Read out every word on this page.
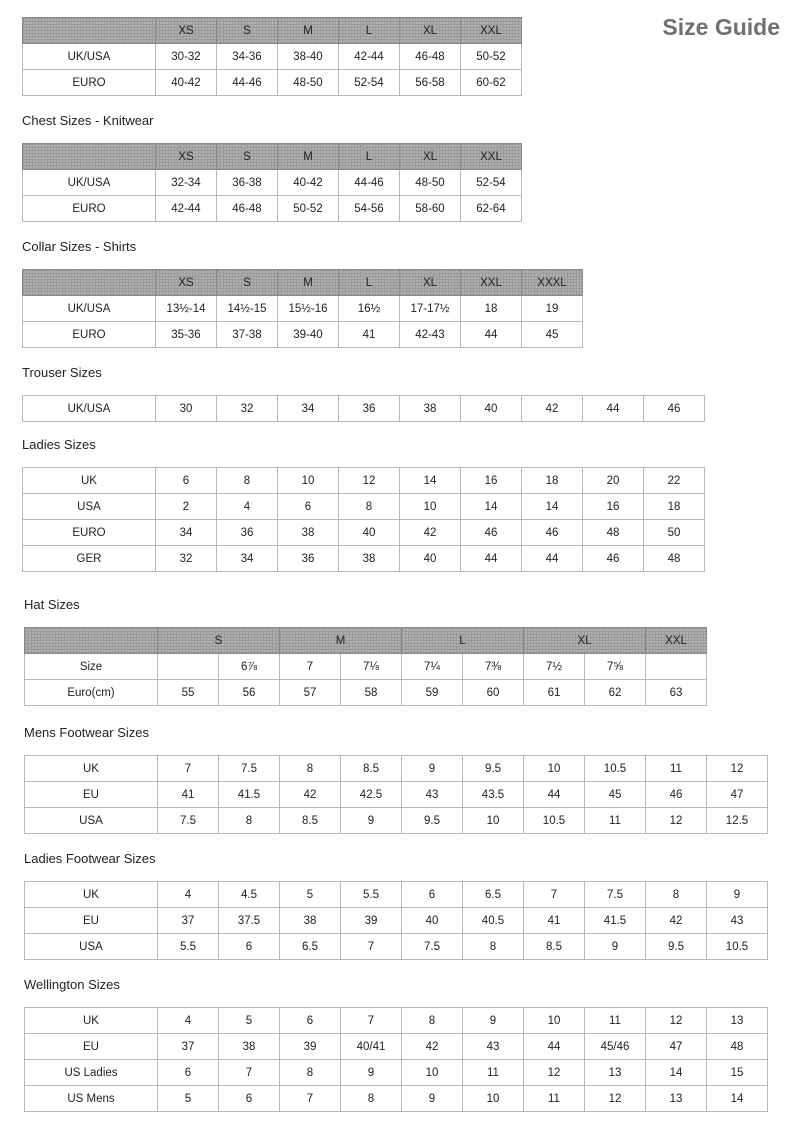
Size Guide
	XS	S	M	L	XL	XXL
UK/USA	30-32	34-36	38-40	42-44	46-48	50-52
EURO	40-42	44-46	48-50	52-54	56-58	60-62
Chest Sizes - Knitwear
	XS	S	M	L	XL	XXL
UK/USA	32-34	36-38	40-42	44-46	48-50	52-54
EURO	42-44	46-48	50-52	54-56	58-60	62-64
Collar Sizes - Shirts
	XS	S	M	L	XL	XXL	XXXL
UK/USA	13½-14	14½-15	15½-16	16½	17-17½	18	19
EURO	35-36	37-38	39-40	41	42-43	44	45
Trouser Sizes
UK/USA	30	32	34	36	38	40	42	44	46
Ladies Sizes
UK	6	8	10	12	14	16	18	20	22
USA	2	4	6	8	10	14	14	16	18
EURO	34	36	38	40	42	46	46	48	50
GER	32	34	36	38	40	44	44	46	48
Hat Sizes
	S		M		L		XL		XXL
Size		6⅞	7	7⅛	7¼	7⅜	7½	7⅝	
Euro(cm)	55	56	57	58	59	60	61	62	63
Mens Footwear Sizes
UK	7	7.5	8	8.5	9	9.5	10	10.5	11	12
EU	41	41.5	42	42.5	43	43.5	44	45	46	47
USA	7.5	8	8.5	9	9.5	10	10.5	11	12	12.5
Ladies Footwear Sizes
UK	4	4.5	5	5.5	6	6.5	7	7.5	8	9
EU	37	37.5	38	39	40	40.5	41	41.5	42	43
USA	5.5	6	6.5	7	7.5	8	8.5	9	9.5	10.5
Wellington Sizes
UK	4	5	6	7	8	9	10	11	12	13
EU	37	38	39	40/41	42	43	44	45/46	47	48
US Ladies	6	7	8	9	10	11	12	13	14	15
US Mens	5	6	7	8	9	10	11	12	13	14
